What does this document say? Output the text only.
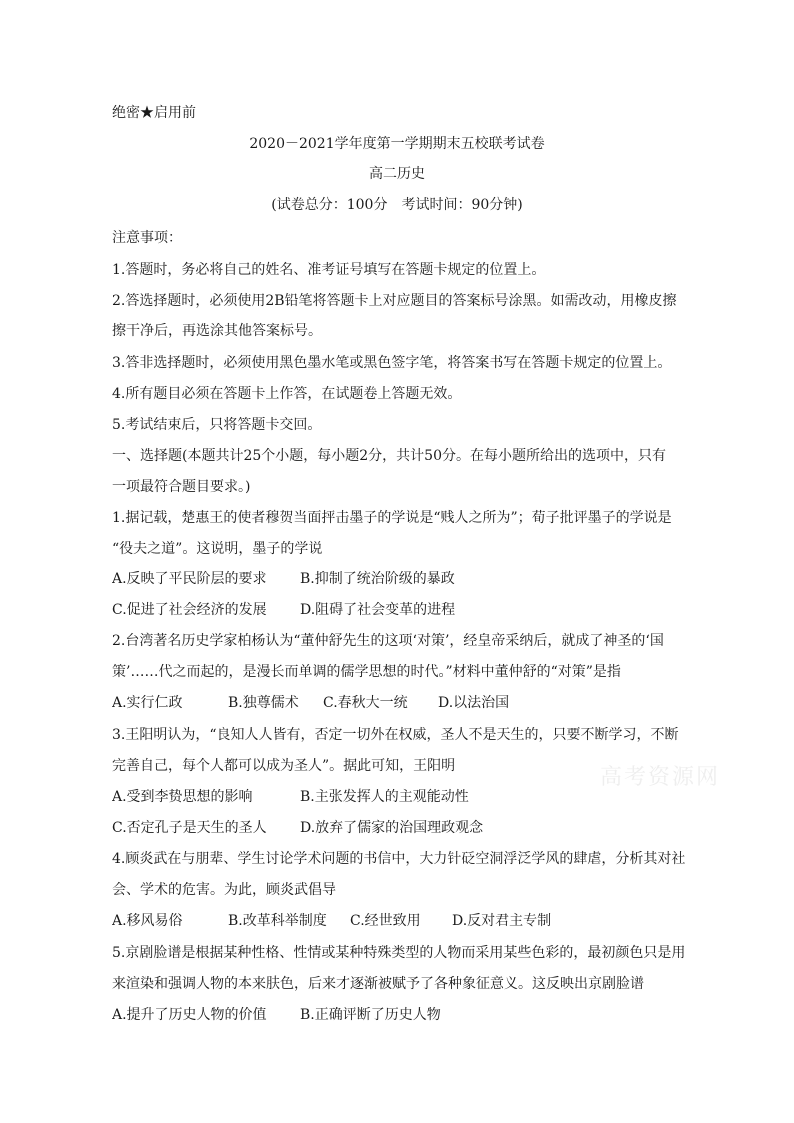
绝密★启用前
2020－2021学年度第一学期期末五校联考试卷
高二历史
(试卷总分：100分　考试时间：90分钟)
注意事项：
1.答题时，务必将自己的姓名、准考证号填写在答题卡规定的位置上。
2.答选择题时，必须使用2B铅笔将答题卡上对应题目的答案标号涂黑。如需改动，用橡皮擦
擦干净后，再选涂其他答案标号。
3.答非选择题时，必须使用黑色墨水笔或黑色签字笔，将答案书写在答题卡规定的位置上。
4.所有题目必须在答题卡上作答，在试题卷上答题无效。
5.考试结束后，只将答题卡交回。
一、选择题(本题共计25个小题，每小题2分，共计50分。在每小题所给出的选项中，只有
一项最符合题目要求。)
1.据记载，楚惠王的使者穆贺当面抨击墨子的学说是“贱人之所为”；荀子批评墨子的学说是
“役夫之道”。这说明，墨子的学说
A.反映了平民阶层的要求	B.抑制了统治阶级的暴政
C.促进了社会经济的发展	D.阻碍了社会变革的进程
2.台湾著名历史学家柏杨认为“董仲舒先生的这项‘对策’，经皇帝采纳后，就成了神圣的‘国
策’……代之而起的，是漫长而单调的儒学思想的时代。”材料中董仲舒的“对策”是指
A.实行仁政	B.独尊儒术	C.春秋大一统	D.以法治国
3.王阳明认为，“良知人人皆有，否定一切外在权威，圣人不是天生的，只要不断学习，不断
完善自己，每个人都可以成为圣人”。据此可知，王阳明
A.受到李贽思想的影响	B.主张发挥人的主观能动性
C.否定孔子是天生的圣人	D.放弃了儒家的治国理政观念
4.顾炎武在与朋辈、学生讨论学术问题的书信中，大力针砭空洞浮泛学风的肆虐，分析其对社
会、学术的危害。为此，顾炎武倡导
A.移风易俗	B.改革科举制度	C.经世致用	D.反对君主专制
5.京剧脸谱是根据某种性格、性情或某种特殊类型的人物而采用某些色彩的，最初颜色只是用
来渲染和强调人物的本来肤色，后来才逐渐被赋予了各种象征意义。这反映出京剧脸谱
A.提升了历史人物的价值	B.正确评断了历史人物
高考资源网
